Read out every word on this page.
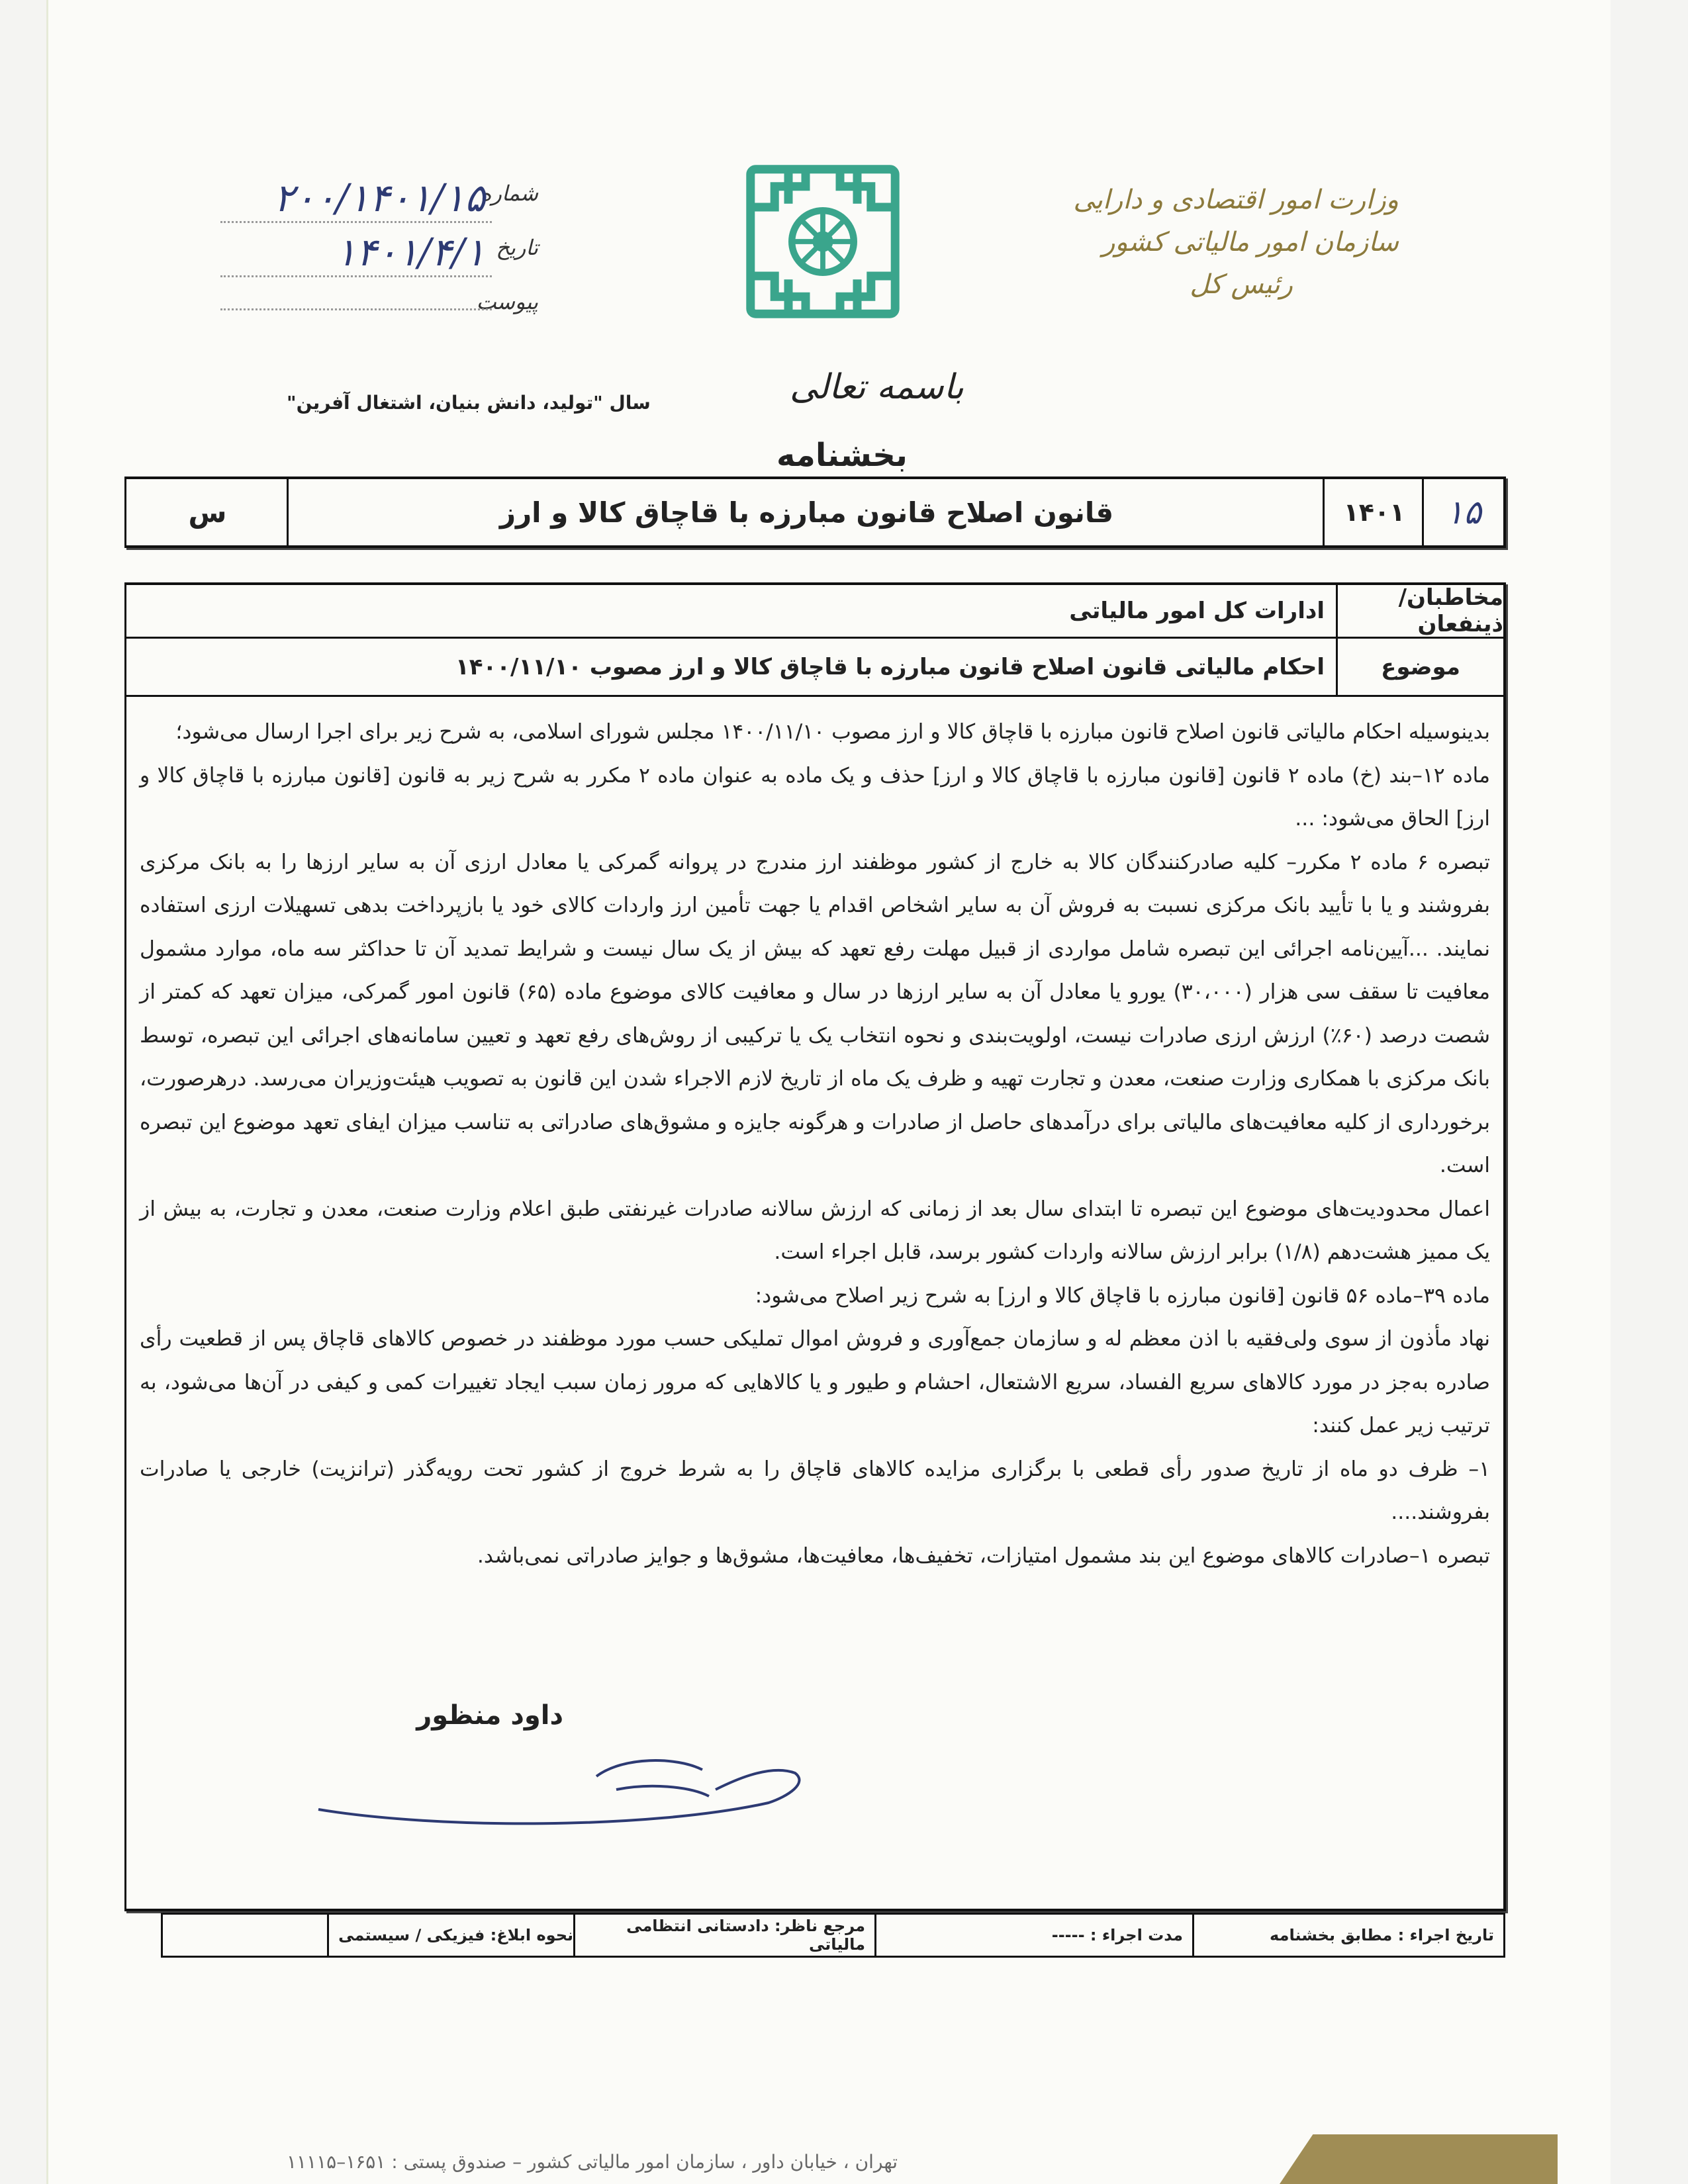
وزارت امور اقتصادی و دارایی
سازمان امور مالیاتی کشور
رئیس کل
شماره
۲۰۰/۱۴۰۱/۱۵
تاریخ
۱۴۰۱/۴/۱
پیوست
باسمه تعالی
سال "تولید، دانش بنیان، اشتغال آفرین"
بخشنامه
۱۵
۱۴۰۱
قانون اصلاح قانون مبارزه با قاچاق کالا و ارز
س
مخاطبان/ذینفعان
ادارات کل امور مالیاتی
موضوع
احکام مالیاتی قانون اصلاح قانون مبارزه با قاچاق کالا و ارز مصوب ۱۴۰۰/۱۱/۱۰

بدینوسیله احکام مالیاتی قانون اصلاح قانون مبارزه با قاچاق کالا و ارز مصوب ۱۴۰۰/۱۱/۱۰ مجلس شورای اسلامی، به شرح زیر برای اجرا ارسال می‌شود؛

ماده ۱۲–بند (خ) ماده ۲ قانون [قانون مبارزه با قاچاق کالا و ارز] حذف و یک ماده به عنوان ماده ۲ مکرر به شرح زیر به قانون [قانون مبارزه با قاچاق کالا و ارز] الحاق می‌شود: ...

تبصره ۶ ماده ۲ مکرر– کلیه صادرکنندگان کالا به خارج از کشور موظفند ارز مندرج در پروانه گمرکی یا معادل ارزی آن به سایر ارزها را به بانک مرکزی بفروشند و یا با تأیید بانک مرکزی نسبت به فروش آن به سایر اشخاص اقدام یا جهت تأمین ارز واردات کالای خود یا بازپرداخت بدهی تسهیلات ارزی استفاده نمایند. ...آیین‌نامه اجرائی این تبصره شامل مواردی از قبیل مهلت رفع تعهد که بیش از یک سال نیست و شرایط تمدید آن تا حداکثر سه ماه، موارد مشمول معافیت تا سقف سی هزار (۳۰،۰۰۰) یورو یا معادل آن به سایر ارزها در سال و معافیت کالای موضوع ماده (۶۵) قانون امور گمرکی، میزان تعهد که کمتر از شصت درصد (۶۰٪) ارزش ارزی صادرات نیست، اولویت‌بندی و نحوه انتخاب یک یا ترکیبی از روش‌های رفع تعهد و تعیین سامانه‌های اجرائی این تبصره، توسط بانک مرکزی با همکاری وزارت صنعت، معدن و تجارت تهیه و ظرف یک ماه از تاریخ لازم الاجراء شدن این قانون به تصویب هیئت‌وزیران می‌رسد. درهرصورت، برخورداری از کلیه معافیت‌های مالیاتی برای درآمدهای حاصل از صادرات و هرگونه جایزه و مشوق‌های صادراتی به تناسب میزان ایفای تعهد موضوع این تبصره است.

اعمال محدودیت‌های موضوع این تبصره تا ابتدای سال بعد از زمانی که ارزش سالانه صادرات غیرنفتی طبق اعلام وزارت صنعت، معدن و تجارت، به بیش از یک ممیز هشت‌دهم (۱/۸) برابر ارزش سالانه واردات کشور برسد، قابل اجراء است.

ماده ۳۹–ماده ۵۶ قانون [قانون مبارزه با قاچاق کالا و ارز] به شرح زیر اصلاح می‌شود:

نهاد مأذون از سوی ولی‌فقیه با اذن معظم له و سازمان جمع‌آوری و فروش اموال تملیکی حسب مورد موظفند در خصوص کالاهای قاچاق پس از قطعیت رأی صادره به‌جز در مورد کالاهای سریع الفساد، سریع الاشتعال، احشام و طیور و یا کالاهایی که مرور زمان سبب ایجاد تغییرات کمی و کیفی در آن‌ها می‌شود، به ترتیب زیر عمل کنند:

۱– ظرف دو ماه از تاریخ صدور رأی قطعی با برگزاری مزایده کالاهای قاچاق را به شرط خروج از کشور تحت رویه‌گذر (ترانزیت) خارجی یا صادرات بفروشند....

تبصره ۱–صادرات کالاهای موضوع این بند مشمول امتیازات، تخفیف‌ها، معافیت‌ها، مشوق‌ها و جوایز صادراتی نمی‌باشد.

داود منظور
تاریخ اجراء : مطابق بخشنامه
مدت اجراء : -----
مرجع ناظر: دادستانی انتظامی مالیاتی
نحوه ابلاغ: فیزیکی / سیستمی
تهران ، خیابان داور ، سازمان امور مالیاتی کشور – صندوق پستی : ۱۶۵۱–۱۱۱۱۵
